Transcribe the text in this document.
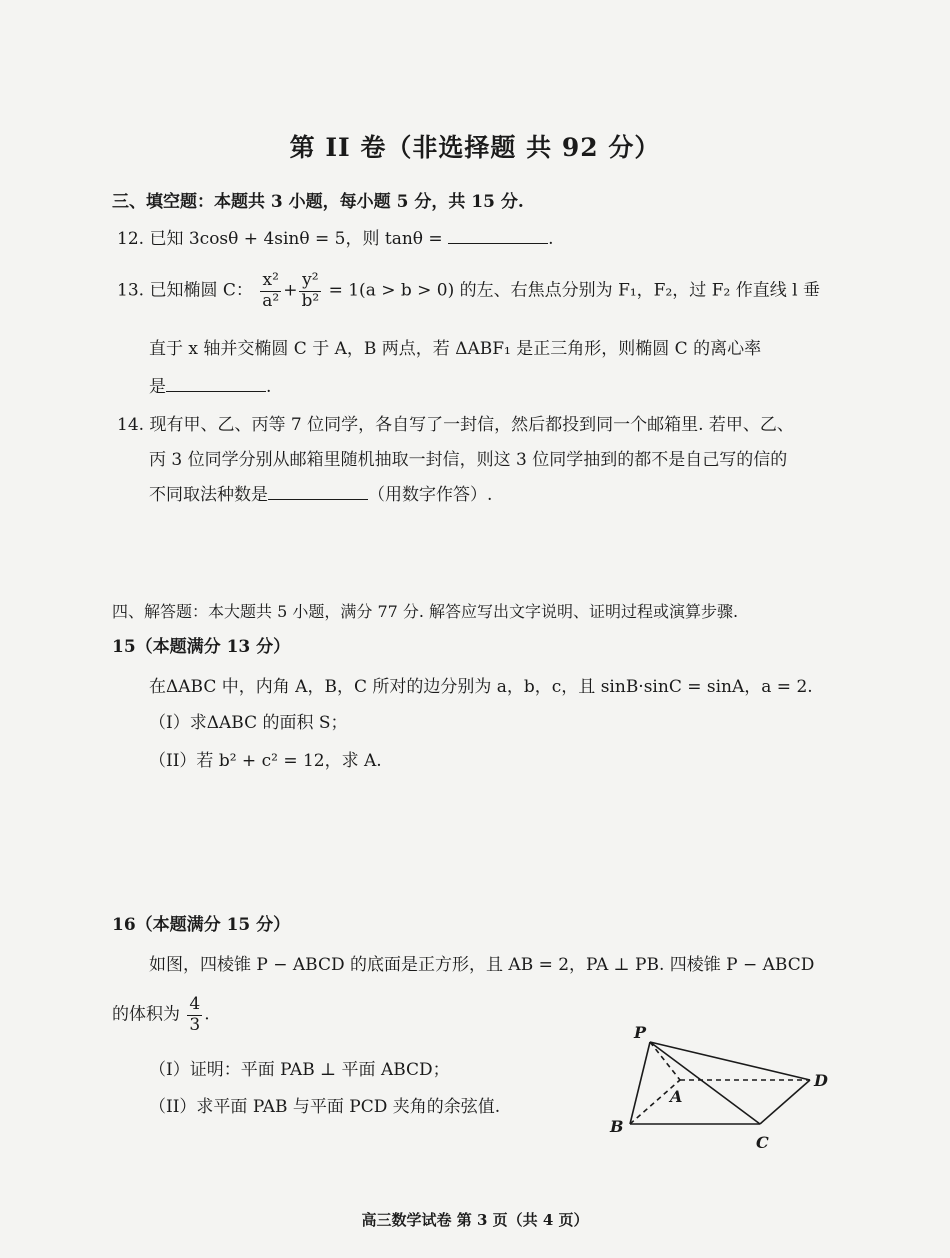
第 II 卷（非选择题 共 92 分）
三、填空题：本题共 3 小题，每小题 5 分，共 15 分.
12. 已知 3cosθ + 4sinθ = 5，则 tanθ =	.
13. 已知椭圆 C： $\frac{\text{x²}}{\text{a²}} + \frac{\text{y²}}{\text{b²}} = 1(a > b > 0)$ 的左、右焦点分别为 F₁，F₂，过 F₂ 作直线 l 垂
直于 x 轴并交椭圆 C 于 A，B 两点，若 ΔABF₁ 是正三角形，则椭圆 C 的离心率
是	.
14. 现有甲、乙、丙等 7 位同学，各自写了一封信，然后都投到同一个邮箱里. 若甲、乙、
丙 3 位同学分别从邮箱里随机抽取一封信，则这 3 位同学抽到的都不是自己写的信的
不同取法种数是	（用数字作答）.
四、解答题：本大题共 5 小题，满分 77 分. 解答应写出文字说明、证明过程或演算步骤.
15（本题满分 13 分）
在ΔABC 中，内角 A，B，C 所对的边分别为 a，b，c，且 sinB·sinC = sinA，a = 2.
（I）求ΔABC 的面积 S；
（II）若 b² + c² = 12，求 A.
16（本题满分 15 分）
如图，四棱锥 P − ABCD 的底面是正方形，且 AB = 2，PA ⊥ PB. 四棱锥 P − ABCD
的体积为 $\frac{4}{3}$ .
（I）证明：平面 PAB ⊥ 平面 ABCD；
（II）求平面 PAB 与平面 PCD 夹角的余弦值.
P
A
B
C
D
高三数学试卷 第 3 页（共 4 页）
